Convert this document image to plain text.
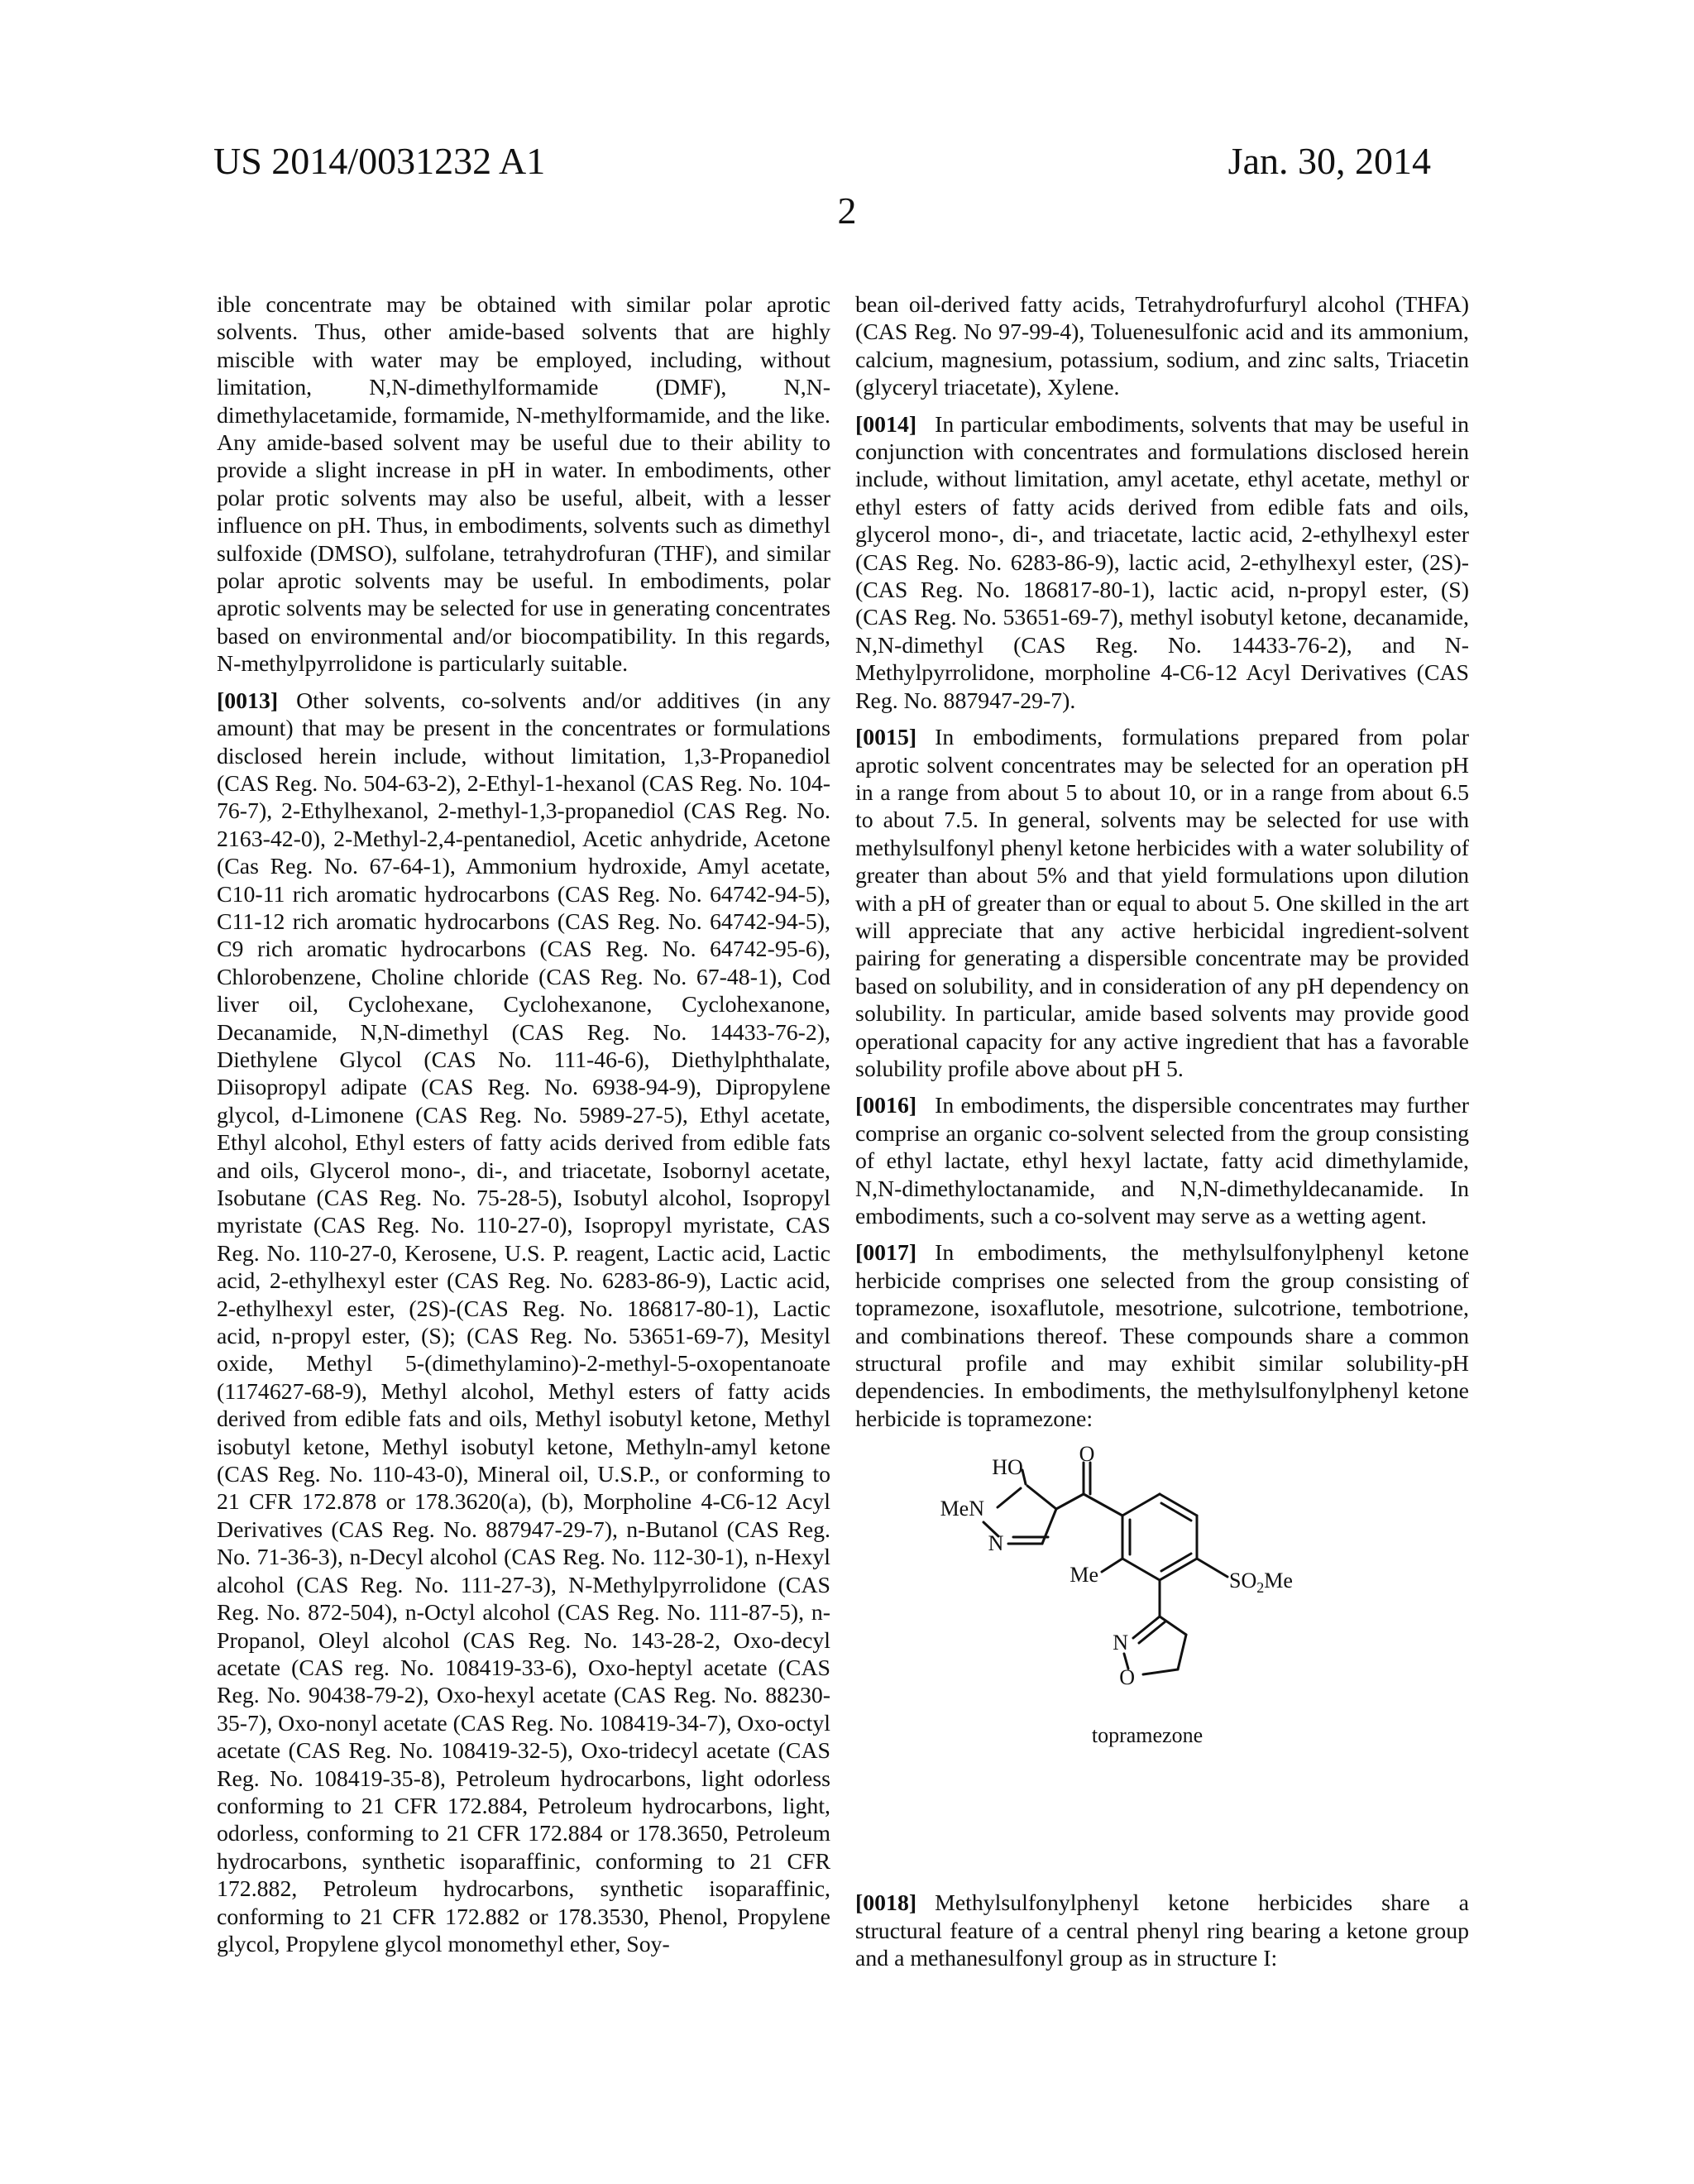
US 2014/0031232 A1	Jan. 30, 2014
2

ible concentrate may be obtained with similar polar aprotic solvents. Thus, other amide-based solvents that are highly miscible with water may be employed, including, without limitation, N,N-dimethylformamide (DMF), N,N-dimethylacetamide, formamide, N-methylformamide, and the like. Any amide-based solvent may be useful due to their ability to provide a slight increase in pH in water. In embodiments, other polar protic solvents may also be useful, albeit, with a lesser influence on pH. Thus, in embodiments, solvents such as dimethyl sulfoxide (DMSO), sulfolane, tetrahydrofuran (THF), and similar polar aprotic solvents may be useful. In embodiments, polar aprotic solvents may be selected for use in generating concentrates based on environmental and/or biocompatibility. In this regards, N-methylpyrrolidone is particularly suitable.

[0013] Other solvents, co-solvents and/or additives (in any amount) that may be present in the concentrates or formulations disclosed herein include, without limitation, 1,3-Propanediol (CAS Reg. No. 504-63-2), 2-Ethyl-1-hexanol (CAS Reg. No. 104-76-7), 2-Ethylhexanol, 2-methyl-1,3-propanediol (CAS Reg. No. 2163-42-0), 2-Methyl-2,4-pentanediol, Acetic anhydride, Acetone (Cas Reg. No. 67-64-1), Ammonium hydroxide, Amyl acetate, C10-11 rich aromatic hydrocarbons (CAS Reg. No. 64742-94-5), C11-12 rich aromatic hydrocarbons (CAS Reg. No. 64742-94-5), C9 rich aromatic hydrocarbons (CAS Reg. No. 64742-95-6), Chlorobenzene, Choline chloride (CAS Reg. No. 67-48-1), Cod liver oil, Cyclohexane, Cyclohexanone, Cyclohexanone, Decanamide, N,N-dimethyl (CAS Reg. No. 14433-76-2), Diethylene Glycol (CAS No. 111-46-6), Diethylphthalate, Diisopropyl adipate (CAS Reg. No. 6938-94-9), Dipropylene glycol, d-Limonene (CAS Reg. No. 5989-27-5), Ethyl acetate, Ethyl alcohol, Ethyl esters of fatty acids derived from edible fats and oils, Glycerol mono-, di-, and triacetate, Isobornyl acetate, Isobutane (CAS Reg. No. 75-28-5), Isobutyl alcohol, Isopropyl myristate (CAS Reg. No. 110-27-0), Isopropyl myristate, CAS Reg. No. 110-27-0, Kerosene, U.S. P. reagent, Lactic acid, Lactic acid, 2-ethylhexyl ester (CAS Reg. No. 6283-86-9), Lactic acid, 2-ethylhexyl ester, (2S)-(CAS Reg. No. 186817-80-1), Lactic acid, n-propyl ester, (S); (CAS Reg. No. 53651-69-7), Mesityl oxide, Methyl 5-(dimethylamino)-2-methyl-5-oxopentanoate (1174627-68-9), Methyl alcohol, Methyl esters of fatty acids derived from edible fats and oils, Methyl isobutyl ketone, Methyl isobutyl ketone, Methyl isobutyl ketone, Methyln-amyl ketone (CAS Reg. No. 110-43-0), Mineral oil, U.S.P., or conforming to 21 CFR 172.878 or 178.3620(a), (b), Morpholine 4-C6-12 Acyl Derivatives (CAS Reg. No. 887947-29-7), n-Butanol (CAS Reg. No. 71-36-3), n-Decyl alcohol (CAS Reg. No. 112-30-1), n-Hexyl alcohol (CAS Reg. No. 111-27-3), N-Methylpyrrolidone (CAS Reg. No. 872-504), n-Octyl alcohol (CAS Reg. No. 111-87-5), n-Propanol, Oleyl alcohol (CAS Reg. No. 143-28-2, Oxo-decyl acetate (CAS reg. No. 108419-33-6), Oxo-heptyl acetate (CAS Reg. No. 90438-79-2), Oxo-hexyl acetate (CAS Reg. No. 88230-35-7), Oxo-nonyl acetate (CAS Reg. No. 108419-34-7), Oxo-octyl acetate (CAS Reg. No. 108419-32-5), Oxo-tridecyl acetate (CAS Reg. No. 108419-35-8), Petroleum hydrocarbons, light odorless conforming to 21 CFR 172.884, Petroleum hydrocarbons, light, odorless, conforming to 21 CFR 172.884 or 178.3650, Petroleum hydrocarbons, synthetic isoparaffinic, conforming to 21 CFR 172.882, Petroleum hydrocarbons, synthetic isoparaffinic, conforming to 21 CFR 172.882 or 178.3530, Phenol, Propylene glycol, Propylene glycol monomethyl ether, Soy-

bean oil-derived fatty acids, Tetrahydrofurfuryl alcohol (THFA) (CAS Reg. No 97-99-4), Toluenesulfonic acid and its ammonium, calcium, magnesium, potassium, sodium, and zinc salts, Triacetin (glyceryl triacetate), Xylene.

[0014] In particular embodiments, solvents that may be useful in conjunction with concentrates and formulations disclosed herein include, without limitation, amyl acetate, ethyl acetate, methyl or ethyl esters of fatty acids derived from edible fats and oils, glycerol mono-, di-, and triacetate, lactic acid, 2-ethylhexyl ester (CAS Reg. No. 6283-86-9), lactic acid, 2-ethylhexyl ester, (2S)-(CAS Reg. No. 186817-80-1), lactic acid, n-propyl ester, (S) (CAS Reg. No. 53651-69-7), methyl isobutyl ketone, decanamide, N,N-dimethyl (CAS Reg. No. 14433-76-2), and N-Methylpyrrolidone, morpholine 4-C6-12 Acyl Derivatives (CAS Reg. No. 887947-29-7).

[0015] In embodiments, formulations prepared from polar aprotic solvent concentrates may be selected for an operation pH in a range from about 5 to about 10, or in a range from about 6.5 to about 7.5. In general, solvents may be selected for use with methylsulfonyl phenyl ketone herbicides with a water solubility of greater than about 5% and that yield formulations upon dilution with a pH of greater than or equal to about 5. One skilled in the art will appreciate that any active herbicidal ingredient-solvent pairing for generating a dispersible concentrate may be provided based on solubility, and in consideration of any pH dependency on solubility. In particular, amide based solvents may provide good operational capacity for any active ingredient that has a favorable solubility profile above about pH 5.

[0016] In embodiments, the dispersible concentrates may further comprise an organic co-solvent selected from the group consisting of ethyl lactate, ethyl hexyl lactate, fatty acid dimethylamide, N,N-dimethyloctanamide, and N,N-dimethyldecanamide. In embodiments, such a co-solvent may serve as a wetting agent.

[0017] In embodiments, the methylsulfonylphenyl ketone herbicide comprises one selected from the group consisting of topramezone, isoxaflutole, mesotrione, sulcotrione, tembotrione, and combinations thereof. These compounds share a common structural profile and may exhibit similar solubility-pH dependencies. In embodiments, the methylsulfonylphenyl ketone herbicide is topramezone:

HO
O
MeN
N
Me	$SO_2Me$
N
O
topramezone

[0018] Methylsulfonylphenyl ketone herbicides share a structural feature of a central phenyl ring bearing a ketone group and a methanesulfonyl group as in structure I:
